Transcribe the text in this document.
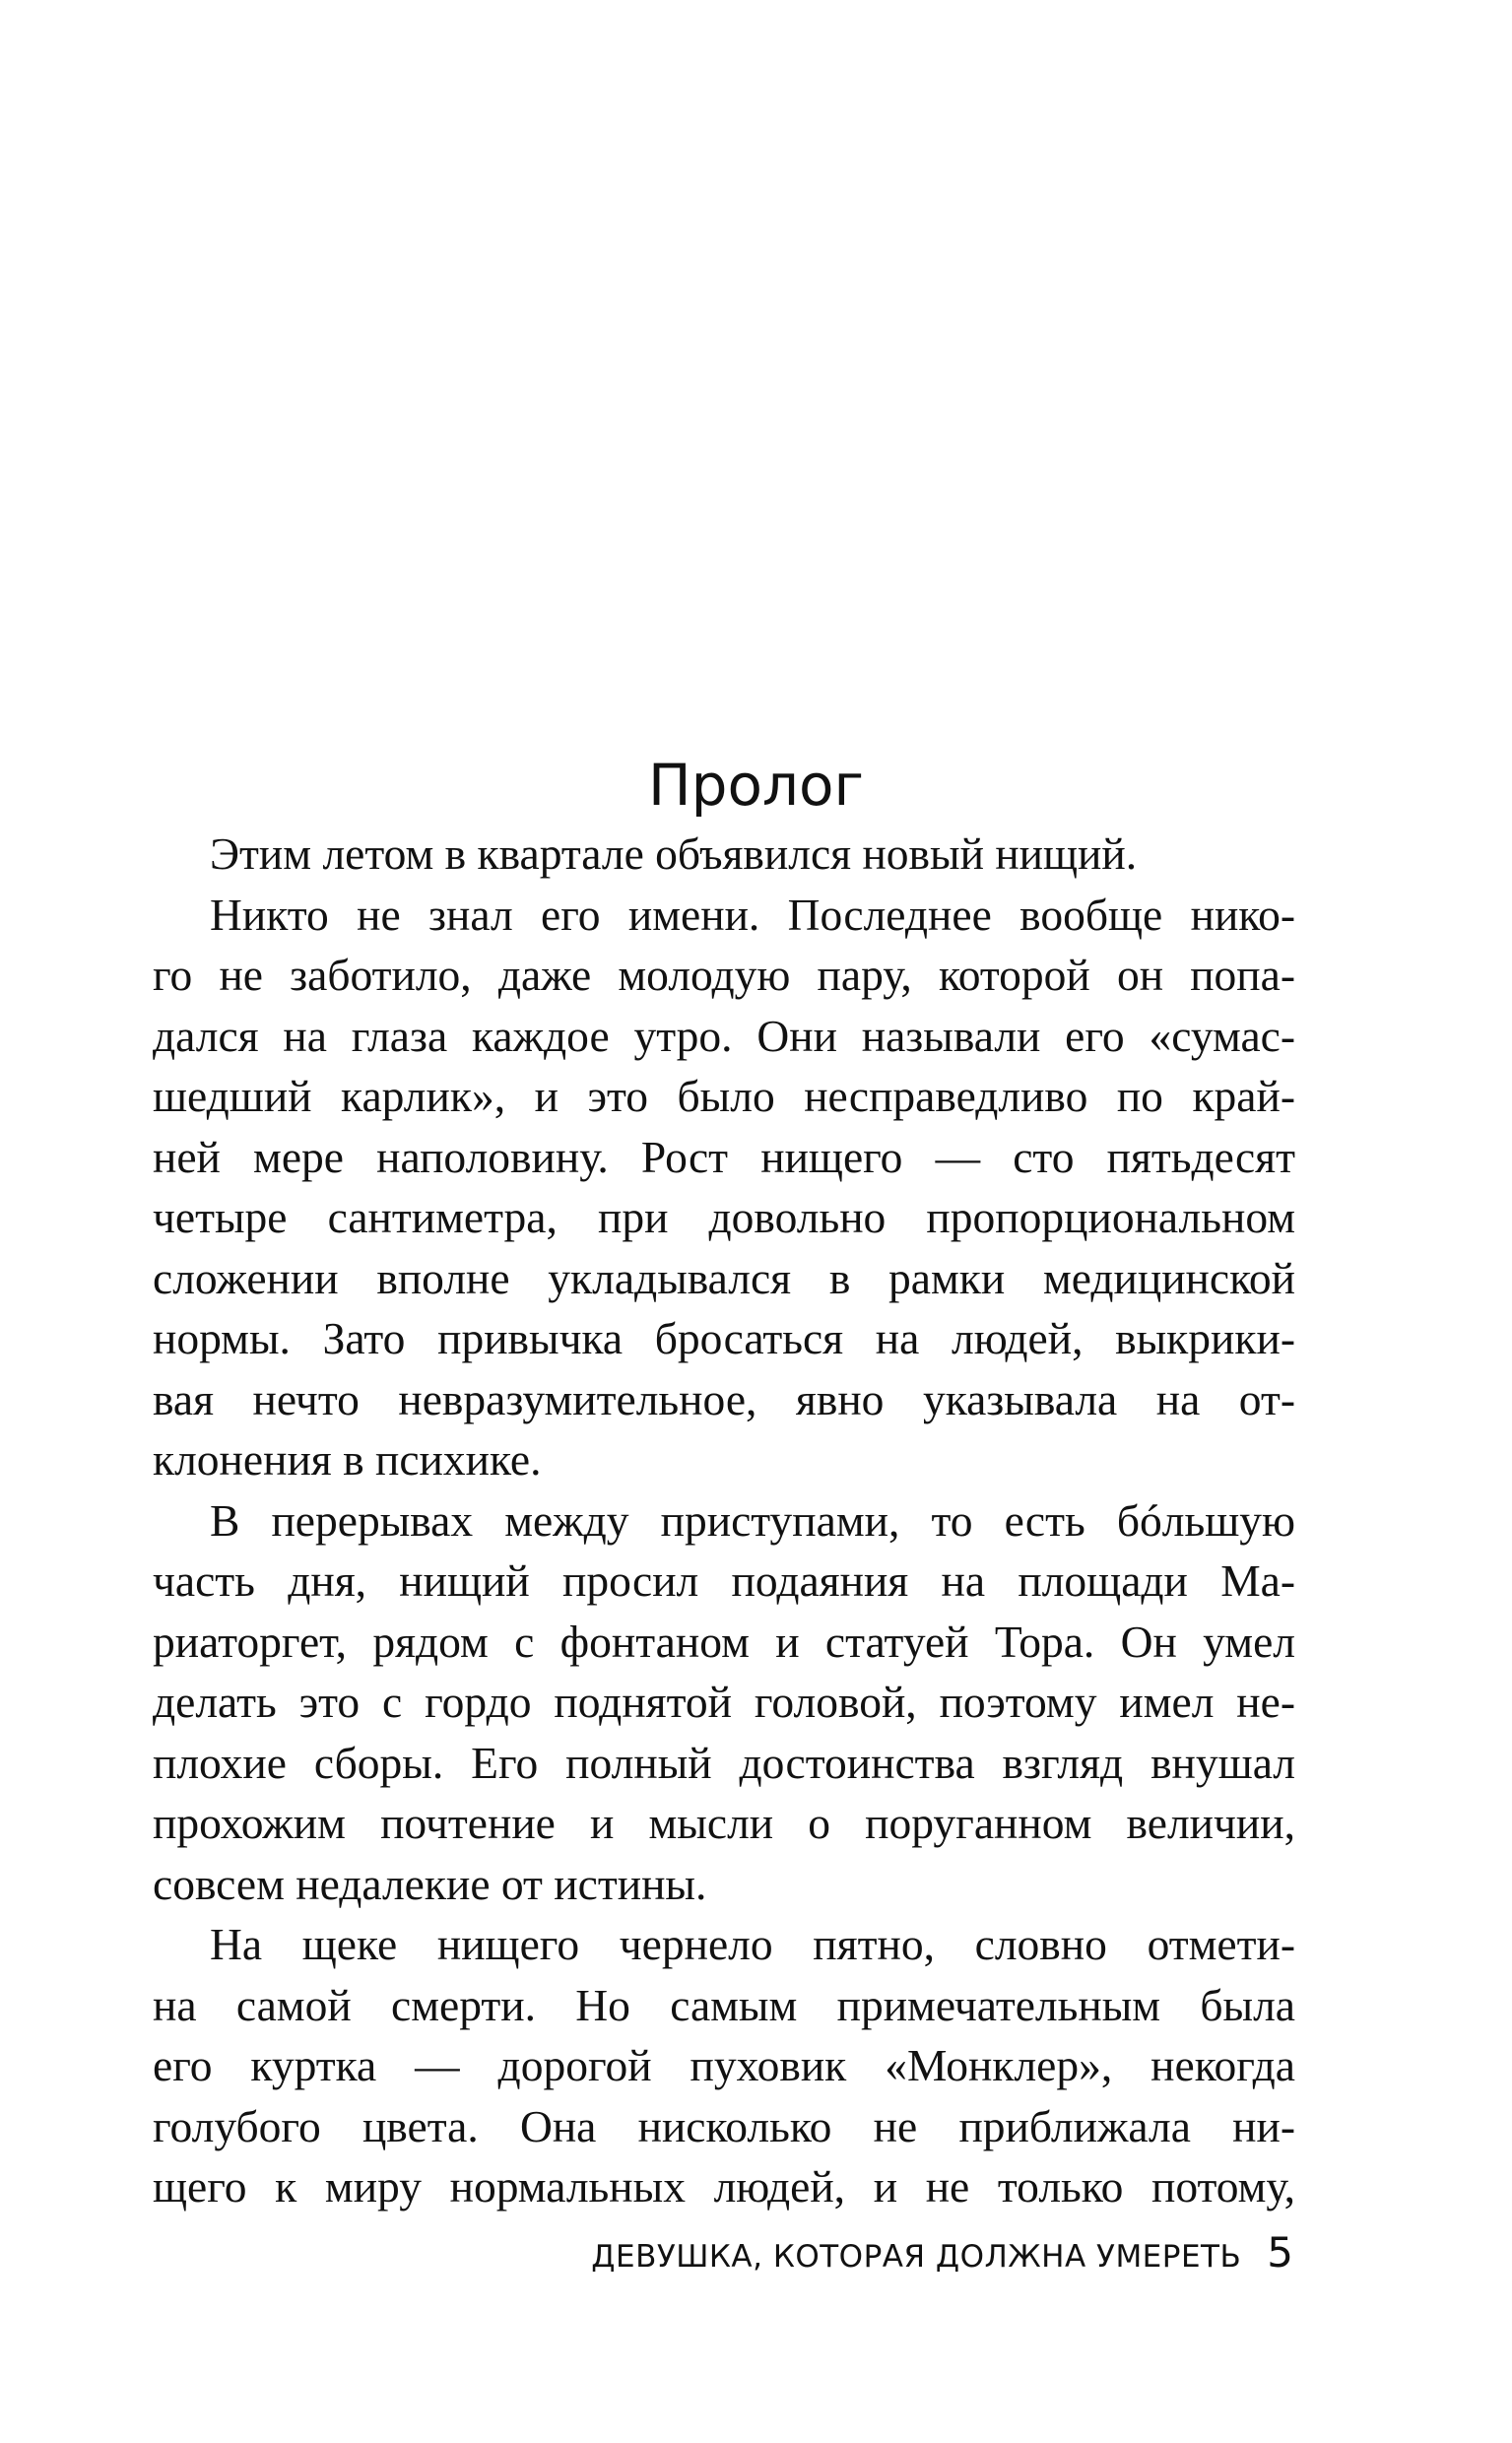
Пролог

Этим летом в квартале объявился новый нищий.

Никто не знал его имени. Последнее вообще нико-
го не заботило, даже молодую пару, которой он попа-
дался на глаза каждое утро. Они называли его «сумас-
шедший карлик», и это было несправедливо по край-
ней мере наполовину. Рост нищего — сто пятьдесят
четыре сантиметра, при довольно пропорциональном
сложении вполне укладывался в рамки медицинской
нормы. Зато привычка бросаться на людей, выкрики-
вая нечто невразумительное, явно указывала на от-
клонения в психике.

В перерывах между приступами, то есть бóльшую
часть дня, нищий просил подаяния на площади Ма-
риаторгет, рядом с фонтаном и статуей Тора. Он умел
делать это с гордо поднятой головой, поэтому имел не-
плохие сборы. Его полный достоинства взгляд внушал
прохожим почтение и мысли о поруганном величии,
совсем недалекие от истины.

На щеке нищего чернело пятно, словно отмети-
на самой смерти. Но самым примечательным была
его куртка — дорогой пуховик «Монклер», некогда
голубого цвета. Она нисколько не приближала ни-
щего к миру нормальных людей, и не только потому,

ДЕВУШКА, КОТОРАЯ ДОЛЖНА УМЕРЕТЬ 5
